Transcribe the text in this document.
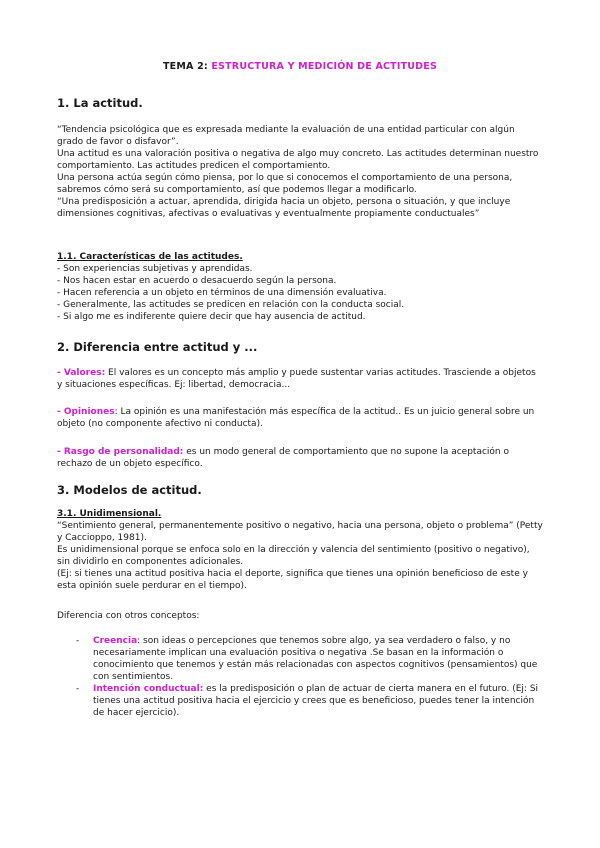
TEMA 2: ESTRUCTURA Y MEDICIÓN DE ACTITUDES
1. La actitud.

“Tendencia psicológica que es expresada mediante la evaluación de una entidad particular con algún grado de favor o disfavor”.

Una actitud es una valoración positiva o negativa de algo muy concreto. Las actitudes determinan nuestro comportamiento. Las actitudes predicen el comportamiento.

Una persona actúa según cómo piensa, por lo que si conocemos el comportamiento de una persona, sabremos cómo será su comportamiento, así que podemos llegar a modificarlo.

“Una predisposición a actuar, aprendida, dirigida hacia un objeto, persona o situación, y que incluye dimensiones cognitivas, afectivas o evaluativas y eventualmente propiamente conductuales”

1.1. Características de las actitudes.

- Son experiencias subjetivas y aprendidas.

- Nos hacen estar en acuerdo o desacuerdo según la persona.

- Hacen referencia a un objeto en términos de una dimensión evaluativa.

- Generalmente, las actitudes se predicen en relación con la conducta social.

- Si algo me es indiferente quiere decir que hay ausencia de actitud.

2. Diferencia entre actitud y ...
- Valores: El valores es un concepto más amplio y puede sustentar varias actitudes. Trasciende a objetos y situaciones específicas. Ej: libertad, democracia...
- Opiniones: La opinión es una manifestación más específica de la actitud.. Es un juicio general sobre un objeto (no componente afectivo ni conducta).
- Rasgo de personalidad: es un modo general de comportamiento que no supone la aceptación o rechazo de un objeto específico.
3. Modelos de actitud.

3.1. Unidimensional.

“Sentimiento general, permanentemente positivo o negativo, hacia una persona, objeto o problema” (Petty y Caccioppo, 1981).

Es unidimensional porque se enfoca solo en la dirección y valencia del sentimiento (positivo o negativo), sin dividirlo en componentes adicionales.

(Ej: si tienes una actitud positiva hacia el deporte, significa que tienes una opinión beneficioso de este y esta opinión suele perdurar en el tiempo).

Diferencia con otros conceptos:
- Creencia: son ideas o percepciones que tenemos sobre algo, ya sea verdadero o falso, y no necesariamente implican una evaluación positiva o negativa .Se basan en la información o conocimiento que tenemos y están más relacionadas con aspectos cognitivos (pensamientos) que con sentimientos.
- Intención conductual: es la predisposición o plan de actuar de cierta manera en el futuro. (Ej: Si tienes una actitud positiva hacia el ejercicio y crees que es beneficioso, puedes tener la intención de hacer ejercicio).
